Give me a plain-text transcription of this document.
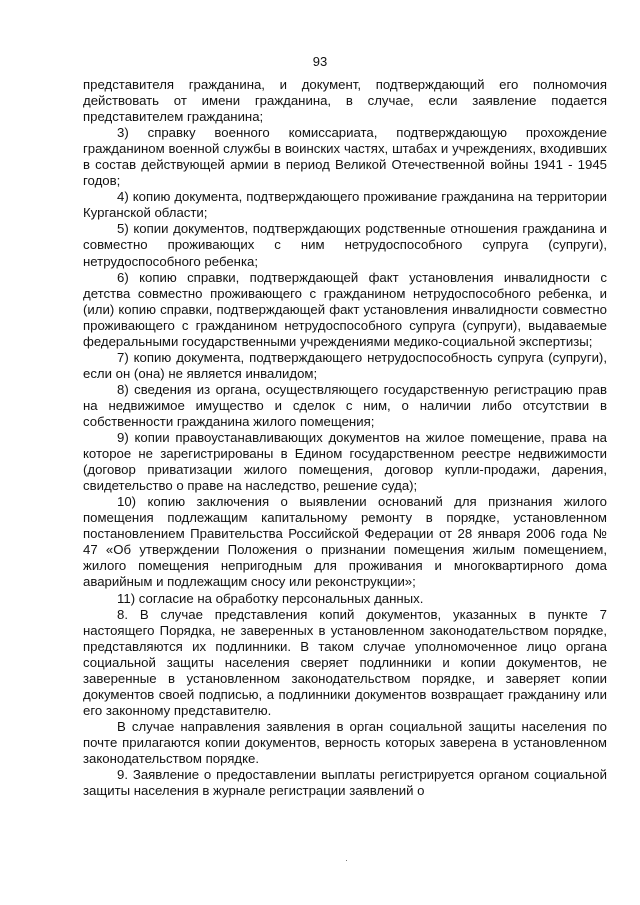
93

представителя гражданина, и документ, подтверждающий его полномочия действовать от имени гражданина, в случае, если заявление подается представителем гражданина;

3) справку военного комиссариата, подтверждающую прохождение гражданином военной службы в воинских частях, штабах и учреждениях, входивших в состав действующей армии в период Великой Отечественной войны 1941 - 1945 годов;

4) копию документа, подтверждающего проживание гражданина на территории Курганской области;

5) копии документов, подтверждающих родственные отношения гражданина и совместно проживающих с ним нетрудоспособного супруга (супруги), нетрудоспособного ребенка;

6) копию справки, подтверждающей факт установления инвалидности с детства совместно проживающего с гражданином нетрудоспособного ребенка, и (или) копию справки, подтверждающей факт установления инвалидности совместно проживающего с гражданином нетрудоспособного супруга (супруги), выдаваемые федеральными государственными учреждениями медико-социальной экспертизы;

7) копию документа, подтверждающего нетрудоспособность супруга (супруги), если он (она) не является инвалидом;

8) сведения из органа, осуществляющего государственную регистрацию прав на недвижимое имущество и сделок с ним, о наличии либо отсутствии в собственности гражданина жилого помещения;

9) копии правоустанавливающих документов на жилое помещение, права на которое не зарегистрированы в Едином государственном реестре недвижимости (договор приватизации жилого помещения, договор купли-продажи, дарения, свидетельство о праве на наследство, решение суда);

10) копию заключения о выявлении оснований для признания жилого помещения подлежащим капитальному ремонту в порядке, установленном постановлением Правительства Российской Федерации от 28 января 2006 года № 47 «Об утверждении Положения о признании помещения жилым помещением, жилого помещения непригодным для проживания и многоквартирного дома аварийным и подлежащим сносу или реконструкции»;

11) согласие на обработку персональных данных.

8. В случае представления копий документов, указанных в пункте 7 настоящего Порядка, не заверенных в установленном законодательством порядке, представляются их подлинники. В таком случае уполномоченное лицо органа социальной защиты населения сверяет подлинники и копии документов, не заверенные в установленном законодательством порядке, и заверяет копии документов своей подписью, а подлинники документов возвращает гражданину или его законному представителю.

В случае направления заявления в орган социальной защиты населения по почте прилагаются копии документов, верность которых заверена в установленном законодательством порядке.

9. Заявление о предоставлении выплаты регистрируется органом социальной защиты населения в журнале регистрации заявлений о
